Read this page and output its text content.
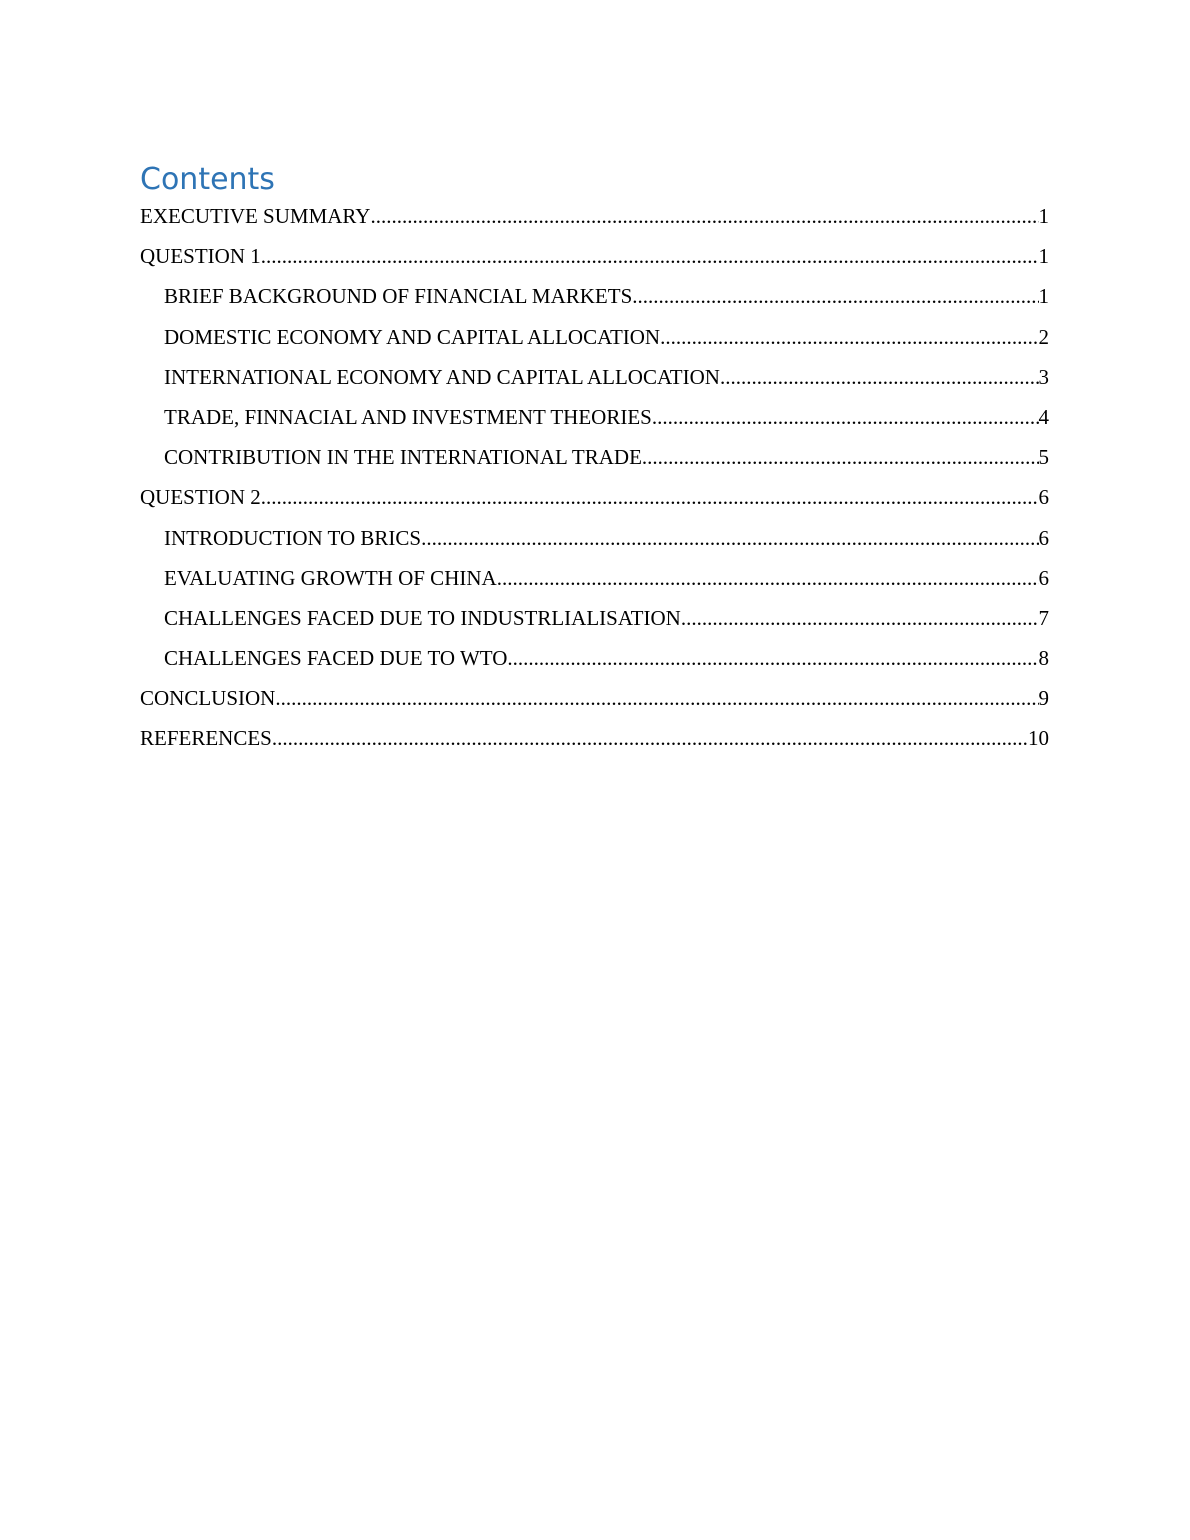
Contents
EXECUTIVE SUMMARY .....	1
QUESTION 1 .....	1
BRIEF BACKGROUND OF FINANCIAL MARKETS .....	1
DOMESTIC ECONOMY AND CAPITAL ALLOCATION .....	2
INTERNATIONAL ECONOMY AND CAPITAL ALLOCATION .....	3
TRADE, FINNACIAL AND INVESTMENT THEORIES .....	4
CONTRIBUTION IN THE INTERNATIONAL TRADE .....	5
QUESTION 2 .....	6
INTRODUCTION TO BRICS .....	6
EVALUATING GROWTH OF CHINA .....	6
CHALLENGES FACED DUE TO INDUSTRLIALISATION .....	7
CHALLENGES FACED DUE TO WTO .....	8
CONCLUSION .....	9
REFERENCES .....	10
